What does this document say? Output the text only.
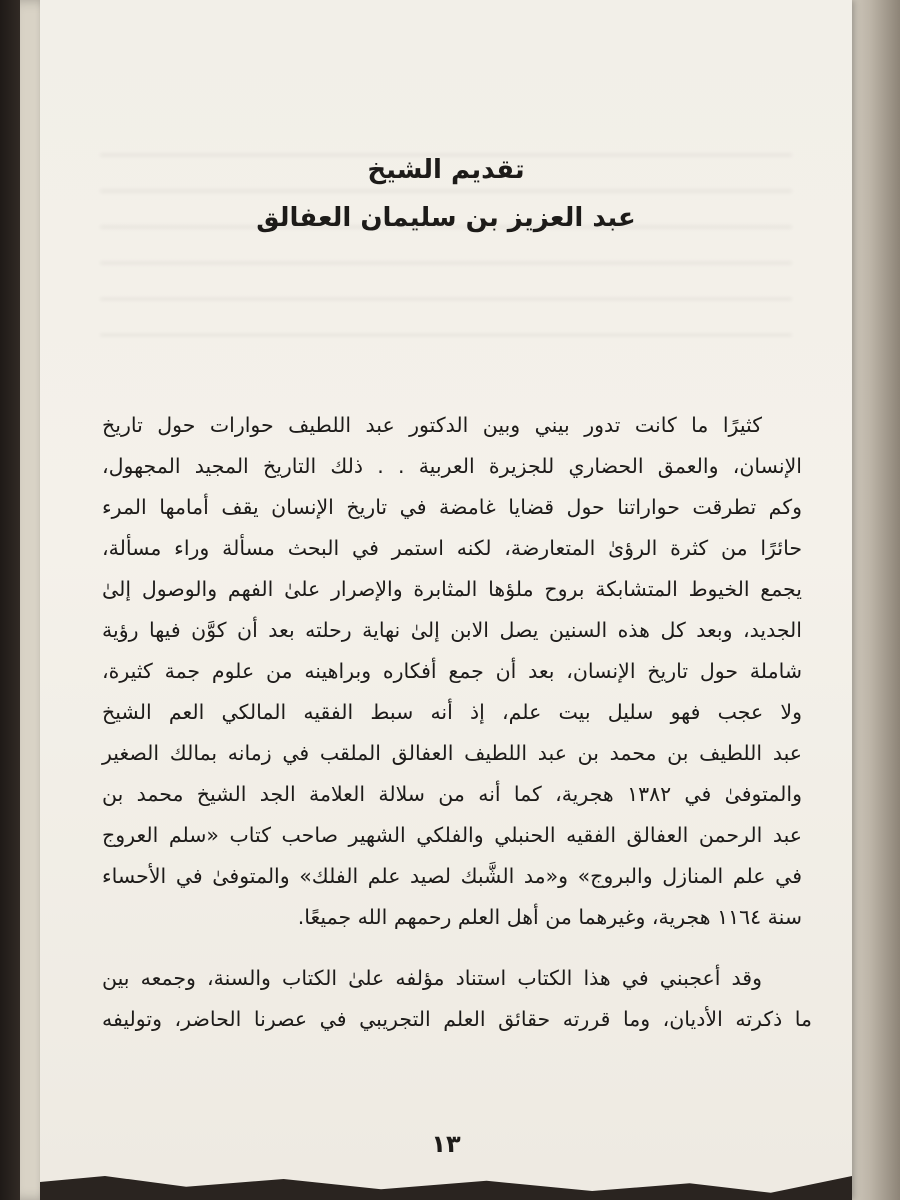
تقديم الشيخ

عبد العزيز بن سليمان العفالق

كثيرًا ما كانت تدور بيني وبين الدكتور عبد اللطيف حوارات حول تاريخ
الإنسان، والعمق الحضاري للجزيرة العربية . . ذلك التاريخ المجيد المجهول،
وكم تطرقت حواراتنا حول قضايا غامضة في تاريخ الإنسان يقف أمامها المرء
حائرًا من كثرة الرؤىٰ المتعارضة، لكنه استمر في البحث مسألة وراء مسألة،
يجمع الخيوط المتشابكة بروح ملؤها المثابرة والإصرار علىٰ الفهم والوصول إلىٰ
الجديد، وبعد كل هذه السنين يصل الابن إلىٰ نهاية رحلته بعد أن كوَّن فيها رؤية
شاملة حول تاريخ الإنسان، بعد أن جمع أفكاره وبراهينه من علوم جمة كثيرة،
ولا عجب فهو سليل بيت علم، إذ أنه سبط الفقيه المالكي العم الشيخ
عبد اللطيف بن محمد بن عبد اللطيف العفالق الملقب في زمانه بمالك الصغير
والمتوفىٰ في ١٣٨٢ هجرية، كما أنه من سلالة العلامة الجد الشيخ محمد بن
عبد الرحمن العفالق الفقيه الحنبلي والفلكي الشهير صاحب كتاب «سلم العروج
في علم المنازل والبروج» و«مد الشَّبك لصيد علم الفلك» والمتوفىٰ في الأحساء
سنة ١١٦٤ هجرية، وغيرهما من أهل العلم رحمهم الله جميعًا.
وقد أعجبني في هذا الكتاب استناد مؤلفه علىٰ الكتاب والسنة، وجمعه بين
ما ذكرته الأديان، وما قررته حقائق العلم التجريبي في عصرنا الحاضر، وتوليفه
١٣
